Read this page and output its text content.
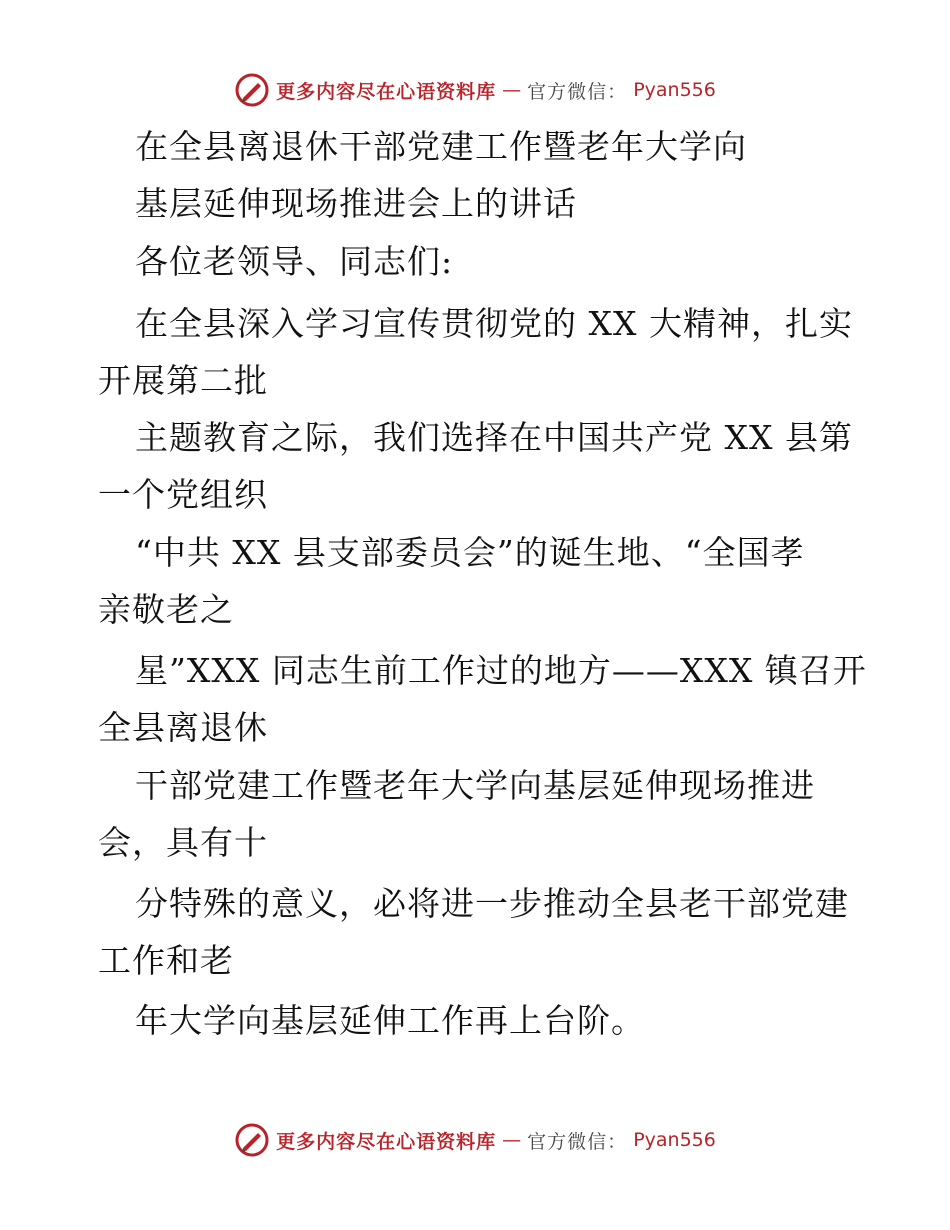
更多内容尽在心语资料库 — 官方微信： Pyan556
在全县离退休干部党建工作暨老年大学向
基层延伸现场推进会上的讲话
各位老领导、同志们:
在全县深入学习宣传贯彻党的 XX 大精神，扎实
开展第二批
主题教育之际，我们选择在中国共产党 XX 县第
一个党组织
“中共 XX 县支部委员会”的诞生地、“全国孝
亲敬老之
星”XXX 同志生前工作过的地方——XXX 镇召开
全县离退休
干部党建工作暨老年大学向基层延伸现场推进
会，具有十
分特殊的意义，必将进一步推动全县老干部党建
工作和老
年大学向基层延伸工作再上台阶。
更多内容尽在心语资料库 — 官方微信： Pyan556
